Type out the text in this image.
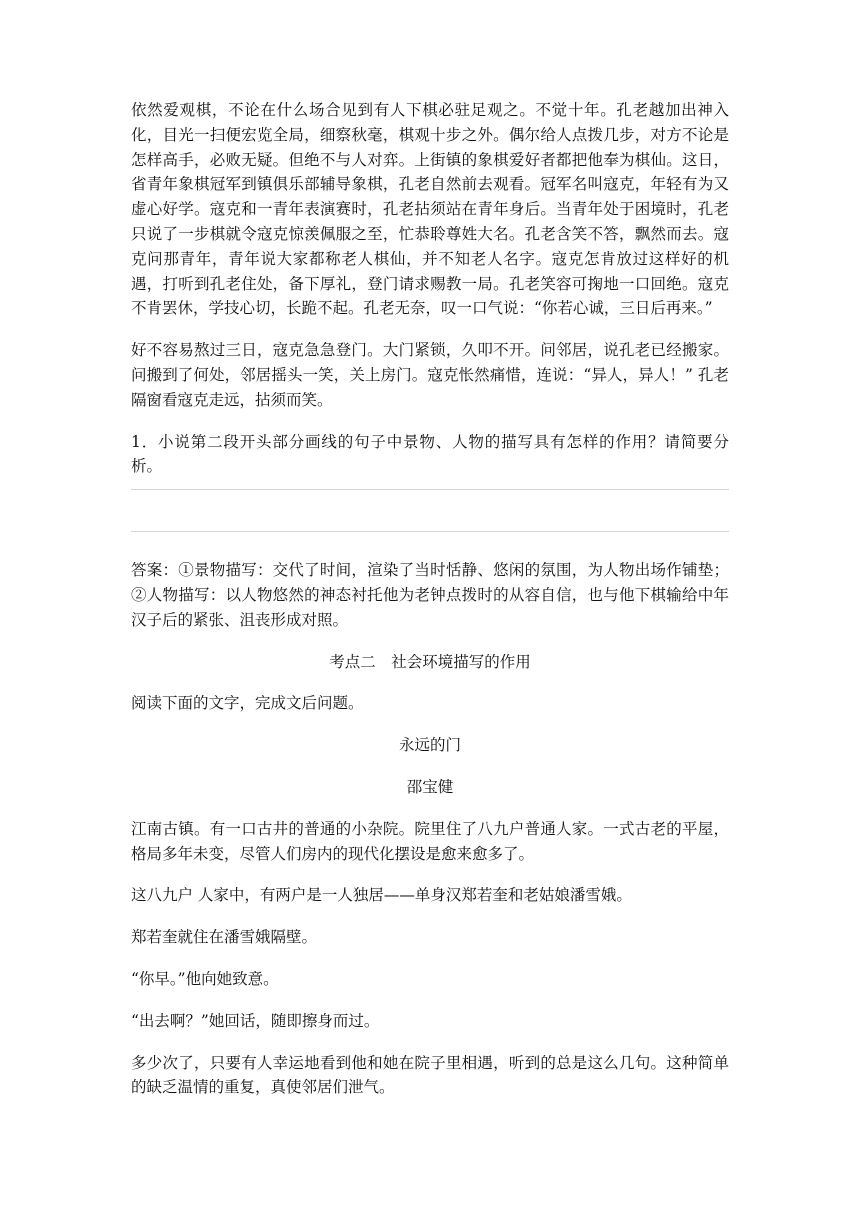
依然爱观棋，不论在什么场合见到有人下棋必驻足观之。不觉十年。孔老越加出神入化，目光一扫便宏览全局，细察秋毫，棋观十步之外。偶尔给人点拨几步，对方不论是怎样高手，必败无疑。但绝不与人对弈。上街镇的象棋爱好者都把他奉为棋仙。这日，省青年象棋冠军到镇俱乐部辅导象棋，孔老自然前去观看。冠军名叫寇克，年轻有为又虚心好学。寇克和一青年表演赛时，孔老拈须站在青年身后。当青年处于困境时，孔老只说了一步棋就令寇克惊羡佩服之至，忙恭聆尊姓大名。孔老含笑不答，飘然而去。寇克问那青年，青年说大家都称老人棋仙，并不知老人名字。寇克怎肯放过这样好的机遇，打听到孔老住处，备下厚礼，登门请求赐教一局。孔老笑容可掬地一口回绝。寇克不肯罢休，学技心切，长跪不起。孔老无奈，叹一口气说：“你若心诚，三日后再来。”

好不容易熬过三日，寇克急急登门。大门紧锁，久叩不开。问邻居，说孔老已经搬家。问搬到了何处，邻居摇头一笑，关上房门。寇克怅然痛惜，连说：“异人，异人！” 孔老隔窗看寇克走远，拈须而笑。

1．小说第二段开头部分画线的句子中景物、人物的描写具有怎样的作用？请简要分析。

答案：①景物描写：交代了时间，渲染了当时恬静、悠闲的氛围，为人物出场作铺垫；②人物描写：以人物悠然的神态衬托他为老钟点拨时的从容自信，也与他下棋输给中年汉子后的紧张、沮丧形成对照。

考点二　社会环境描写的作用

阅读下面的文字，完成文后问题。

永远的门

邵宝健

江南古镇。有一口古井的普通的小杂院。院里住了八九户普通人家。一式古老的平屋，格局多年未变，尽管人们房内的现代化摆设是愈来愈多了。

这八九户 人家中，有两户是一人独居——单身汉郑若奎和老姑娘潘雪娥。

郑若奎就住在潘雪娥隔壁。

“你早。”他向她致意。

“出去啊？”她回话，随即擦身而过。

多少次了，只要有人幸运地看到他和她在院子里相遇，听到的总是这么几句。这种简单的缺乏温情的重复，真使邻居们泄气。
